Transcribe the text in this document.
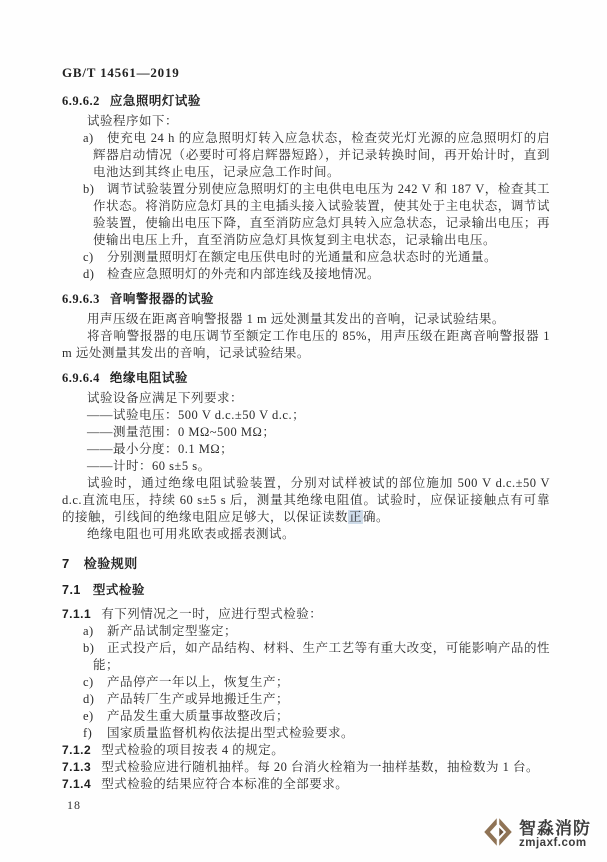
GB/T 14561—2019
6.9.6.2 应急照明灯试验

试验程序如下：

a)	使充电 24 h 的应急照明灯转入应急状态，检查荧光灯光源的应急照明灯的启辉器启动情况（必要时可将启辉器短路），并记录转换时间，再开始计时，直到电池达到其终止电压，记录应急工作时间。

b)	调节试验装置分别使应急照明灯的主电供电电压为 242 V 和 187 V，检查其工作状态。将消防应急灯具的主电插头接入试验装置，使其处于主电状态，调节试验装置，使输出电压下降，直至消防应急灯具转入应急状态，记录输出电压；再使输出电压上升，直至消防应急灯具恢复到主电状态，记录输出电压。

c)	分别测量照明灯在额定电压供电时的光通量和应急状态时的光通量。

d)	检查应急照明灯的外壳和内部连线及接地情况。

6.9.6.3 音响警报器的试验

用声压级在距离音响警报器 1 m 远处测量其发出的音响，记录试验结果。

将音响警报器的电压调节至额定工作电压的 85%，用声压级在距离音响警报器 1 m 远处测量其发出的音响，记录试验结果。

6.9.6.4 绝缘电阻试验

试验设备应满足下列要求：

——试验电压：500 V d.c.±50 V d.c.；

——测量范围：0 MΩ~500 MΩ；

——最小分度：0.1 MΩ；

——计时：60 s±5 s。

试验时，通过绝缘电阻试验装置，分别对试样被试的部位施加 500 V d.c.±50 V d.c.直流电压，持续 60 s±5 s 后，测量其绝缘电阻值。试验时，应保证接触点有可靠的接触，引线间的绝缘电阻应足够大，以保证读数正确。

绝缘电阻也可用兆欧表或摇表测试。

7 检验规则
7.1 型式检验
7.1.1 有下列情况之一时，应进行型式检验：

a)	新产品试制定型鉴定；

b)	正式投产后，如产品结构、材料、生产工艺等有重大改变，可能影响产品的性能；

c)	产品停产一年以上，恢复生产；

d)	产品转厂生产或异地搬迁生产；

e)	产品发生重大质量事故整改后；

f)	国家质量监督机构依法提出型式检验要求。

7.1.2 型式检验的项目按表 4 的规定。
7.1.3 型式检验应进行随机抽样。每 20 台消火栓箱为一抽样基数，抽检数为 1 台。
7.1.4 型式检验的结果应符合本标准的全部要求。
18
智淼消防
zmjaxf.com
